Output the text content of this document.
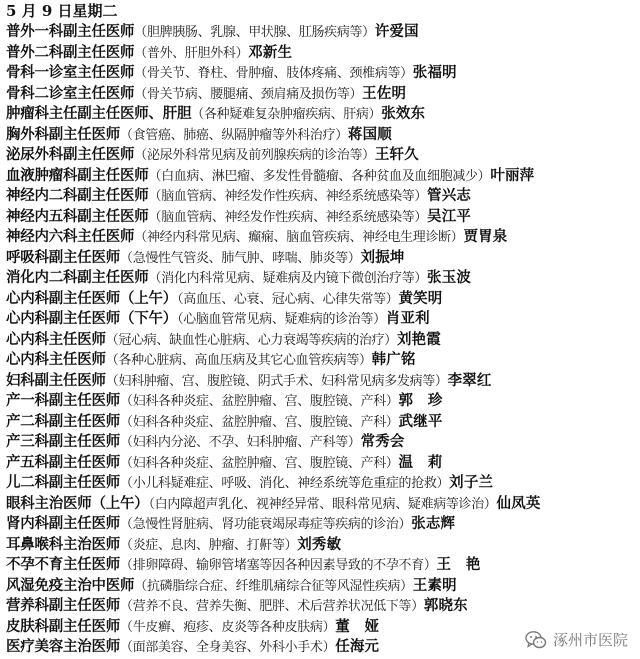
5 月 9 日星期二
普外一科副主任医师（胆脾胰肠、乳腺、甲状腺、肛肠疾病等）许爱国
普外二科副主任医师（普外、肝胆外科）邓新生
骨科一诊室主任医师（骨关节、脊柱、骨肿瘤、肢体疼痛、颈椎病等）张福明
骨科二诊室主任医师（骨关节病、腰腿痛、颈肩痛及损伤等）王佐明
肿瘤科主任副主任医师、肝胆（各种疑难复杂肿瘤疾病、肝病）张效东
胸外科副主任医师（食管癌、肺癌、纵隔肿瘤等外科治疗）蒋国顺
泌尿外科副主任医师（泌尿外科常见病及前列腺疾病的诊治等）王轩久
血液肿瘤科副主任医师（白血病、淋巴瘤、多发性骨髓瘤、各种贫血及血细胞减少）叶丽萍
神经内二科副主任医师（脑血管病、神经发作性疾病、神经系统感染等）管兴志
神经内五科副主任医师（脑血管病、神经发作性疾病、神经系统感染等）吴江平
神经内六科主任医师（神经内科常见病、癫痫、脑血管疾病、神经电生理诊断）贾胃泉
呼吸科副主任医师（急慢性气管炎、肺气肿、哮喘、肺炎等）刘振坤
消化内二科副主任医师（消化内科常见病、疑难病及内镜下微创治疗等）张玉波
心内科副主任医师（上午）（高血压、心衰、冠心病、心律失常等）黄笑明
心内科副主任医师（下午）（心脑血管常见病、疑难病的诊治等）肖亚利
心内科主任医师（冠心病、缺血性心脏病、心力衰竭等疾病的治疗）刘艳霞
心内科主任医师（各种心脏病、高血压病及其它心血管疾病等）韩广铭
妇科副主任医师（妇科肿瘤、宫、腹腔镜、阴式手术、妇科常见病多发病等）李翠红
产一科副主任医师（妇科各种炎症、盆腔肿瘤、宫、腹腔镜、产科）郭　珍
产二科副主任医师（妇科各种炎症、盆腔肿瘤、宫、腹腔镜、产科）武继平
产三科副主任医师（妇科内分泌、不孕、妇科肿瘤、产科等）常秀会
产五科副主任医师（妇科各种炎症、盆腔肿瘤、宫、腹腔镜、产科）温　莉
儿二科副主任医师（小儿科疑难症、呼吸、消化、神经系统等危重症的抢救）刘子兰
眼科主治医师（上午）（白内障超声乳化、视神经异常、眼科常见病、疑难病等诊治）仙凤英
肾内科副主任医师（急慢性肾脏病、肾功能衰竭尿毒症等疾病的诊治）张志辉
耳鼻喉科主治医师（炎症、息肉、肿瘤、打鼾等）刘秀敏
不孕不育主任医师（排卵障碍、输卵管堵塞等因各种因素导致的不孕不育）王　艳
风湿免疫主治中医师（抗磷脂综合症、纤维肌痛综合征等风湿性疾病）王素明
营养科副主任医师（营养不良、营养失衡、肥胖、术后营养状况低下等）郭晓东
皮肤科副主任医师（牛皮癣、疱疹、皮炎等各种皮肤病）董　娅
医疗美容主治医师（面部美容、全身美容、外科小手术）任海元	涿州市医院
